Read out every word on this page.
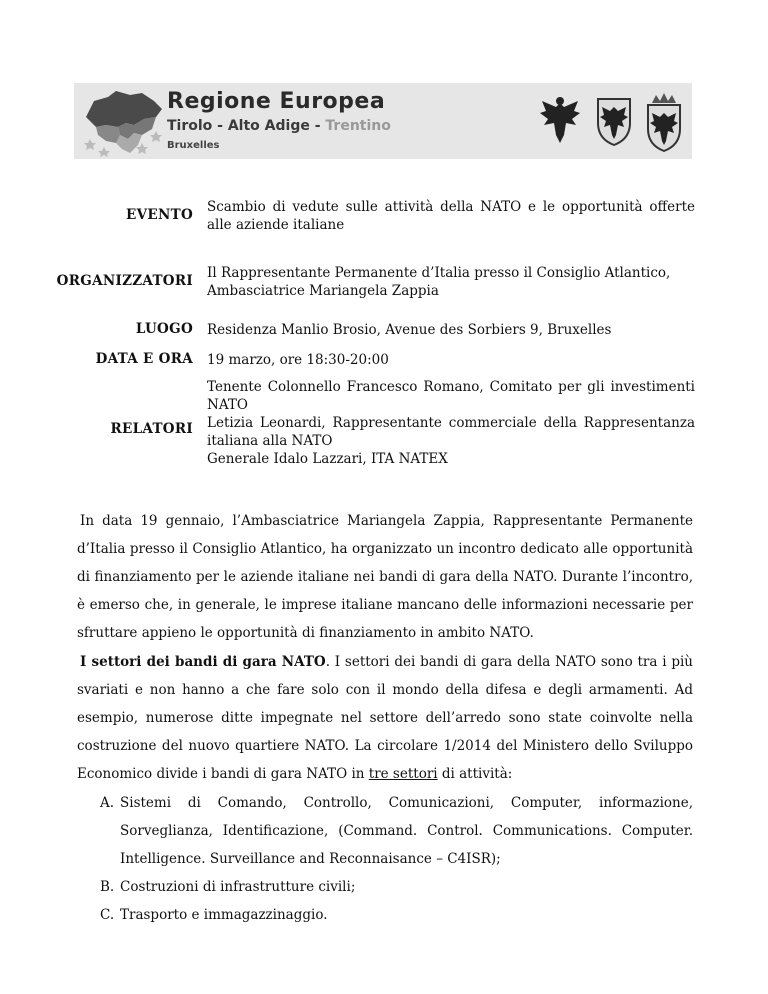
Regione Europea
Tirolo - Alto Adige - Trentino
Bruxelles
EVENTO Scambio di vedute sulle attività della NATO e le opportunità offerte alle aziende italiane
ORGANIZZATORI Il Rappresentante Permanente d’Italia presso il Consiglio Atlantico,
Ambasciatrice Mariangela Zappia
LUOGO Residenza Manlio Brosio, Avenue des Sorbiers 9, Bruxelles
DATA E ORA 19 marzo, ore 18:30-20:00
RELATORI
Tenente Colonnello Francesco Romano, Comitato per gli investimenti NATO
Letizia Leonardi, Rappresentante commerciale della Rappresentanza italiana alla NATO
Generale Idalo Lazzari, ITA NATEX
In data 19 gennaio, l’Ambasciatrice Mariangela Zappia, Rappresentante Permanente d’Italia presso il Consiglio Atlantico, ha organizzato un incontro dedicato alle opportunità di finanziamento per le aziende italiane nei bandi di gara della NATO. Durante l’incontro, è emerso che, in generale, le imprese italiane mancano delle informazioni necessarie per sfruttare appieno le opportunità di finanziamento in ambito NATO.
I settori dei bandi di gara NATO. I settori dei bandi di gara della NATO sono tra i più svariati e non hanno a che fare solo con il mondo della difesa e degli armamenti. Ad esempio, numerose ditte impegnate nel settore dell’arredo sono state coinvolte nella costruzione del nuovo quartiere NATO. La circolare 1/2014 del Ministero dello Sviluppo Economico divide i bandi di gara NATO in tre settori di attività:
A. Sistemi di Comando, Controllo, Comunicazioni, Computer, informazione, Sorveglianza, Identificazione, (Command. Control. Communications. Computer. Intelligence. Surveillance and Reconnaisance – C4ISR);
B. Costruzioni di infrastrutture civili;
C. Trasporto e immagazzinaggio.
